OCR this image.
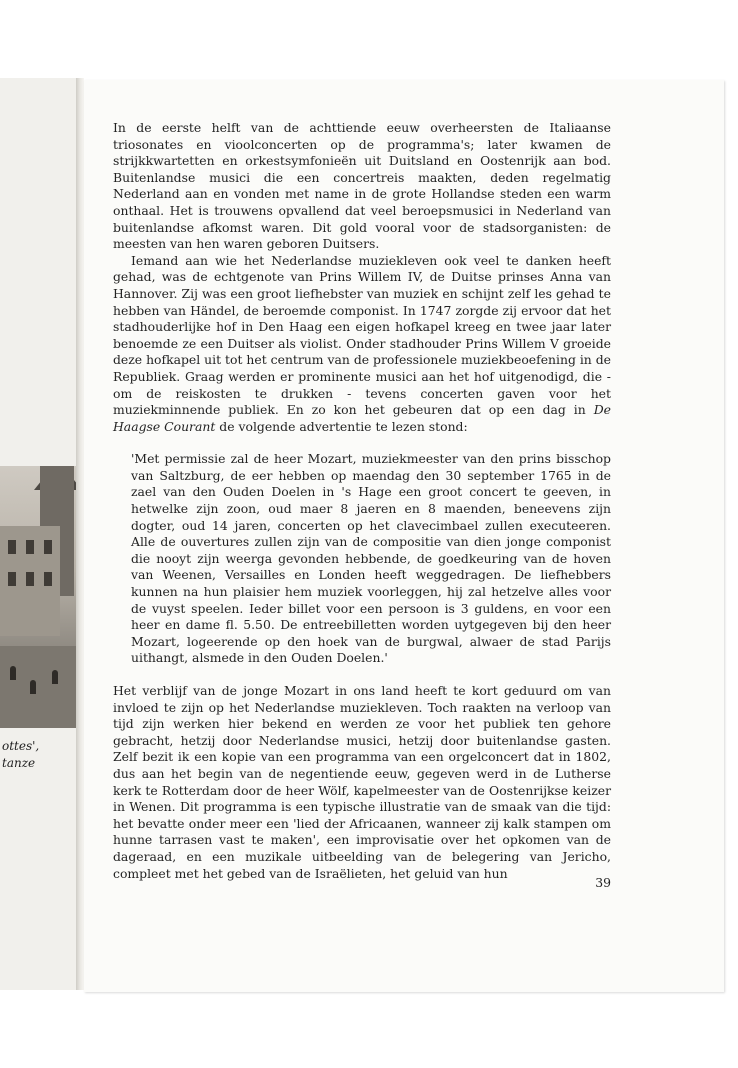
ottes',
tanze

In de eerste helft van de achttiende eeuw overheersten de Italiaanse triosonates en vioolconcerten op de programma's; later kwamen de strijkkwartetten en orkestsymfonieën uit Duitsland en Oostenrijk aan bod. Buitenlandse musici die een concertreis maakten, deden regelmatig Nederland aan en vonden met name in de grote Hollandse steden een warm onthaal. Het is trouwens opvallend dat veel beroepsmusici in Nederland van buitenlandse afkomst waren. Dit gold vooral voor de stadsorganisten: de meesten van hen waren geboren Duitsers.

Iemand aan wie het Nederlandse muziekleven ook veel te danken heeft gehad, was de echtgenote van Prins Willem IV, de Duitse prinses Anna van Hannover. Zij was een groot liefhebster van muziek en schijnt zelf les gehad te hebben van Händel, de beroemde componist. In 1747 zorgde zij ervoor dat het stadhouderlijke hof in Den Haag een eigen hofkapel kreeg en twee jaar later benoemde ze een Duitser als violist. Onder stadhouder Prins Willem V groeide deze hofkapel uit tot het centrum van de professionele muziekbeoefening in de Republiek. Graag werden er prominente musici aan het hof uitgenodigd, die - om de reiskosten te drukken - tevens concerten gaven voor het muziekminnende publiek. En zo kon het gebeuren dat op een dag in De Haagse Courant de volgende advertentie te lezen stond:

'Met permissie zal de heer Mozart, muziekmeester van den prins bisschop van Saltzburg, de eer hebben op maendag den 30 september 1765 in de zael van den Ouden Doelen in 's Hage een groot concert te geeven, in hetwelke zijn zoon, oud maer 8 jaeren en 8 maenden, beneevens zijn dogter, oud 14 jaren, concerten op het clavecimbael zullen executeeren. Alle de ouvertures zullen zijn van de compositie van dien jonge componist die nooyt zijn weerga gevonden hebbende, de goedkeuring van de hoven van Weenen, Versailles en Londen heeft weggedragen. De liefhebbers kunnen na hun plaisier hem muziek voorleggen, hij zal hetzelve alles voor de vuyst speelen. Ieder billet voor een persoon is 3 guldens, en voor een heer en dame fl. 5.50. De entreebilletten worden uytgegeven bij den heer Mozart, logeerende op den hoek van de burgwal, alwaer de stad Parijs uithangt, alsmede in den Ouden Doelen.'

Het verblijf van de jonge Mozart in ons land heeft te kort geduurd om van invloed te zijn op het Nederlandse muziekleven. Toch raakten na verloop van tijd zijn werken hier bekend en werden ze voor het publiek ten gehore gebracht, hetzij door Nederlandse musici, hetzij door buitenlandse gasten. Zelf bezit ik een kopie van een programma van een orgelconcert dat in 1802, dus aan het begin van de negentiende eeuw, gegeven werd in de Lutherse kerk te Rotterdam door de heer Wölf, kapelmeester van de Oostenrijkse keizer in Wenen. Dit programma is een typische illustratie van de smaak van die tijd: het bevatte onder meer een 'lied der Africaanen, wanneer zij kalk stampen om hunne tarrasen vast te maken', een improvisatie over het opkomen van de dageraad, en een muzikale uitbeelding van de belegering van Jericho, compleet met het gebed van de Israëlieten, het geluid van hun

39
